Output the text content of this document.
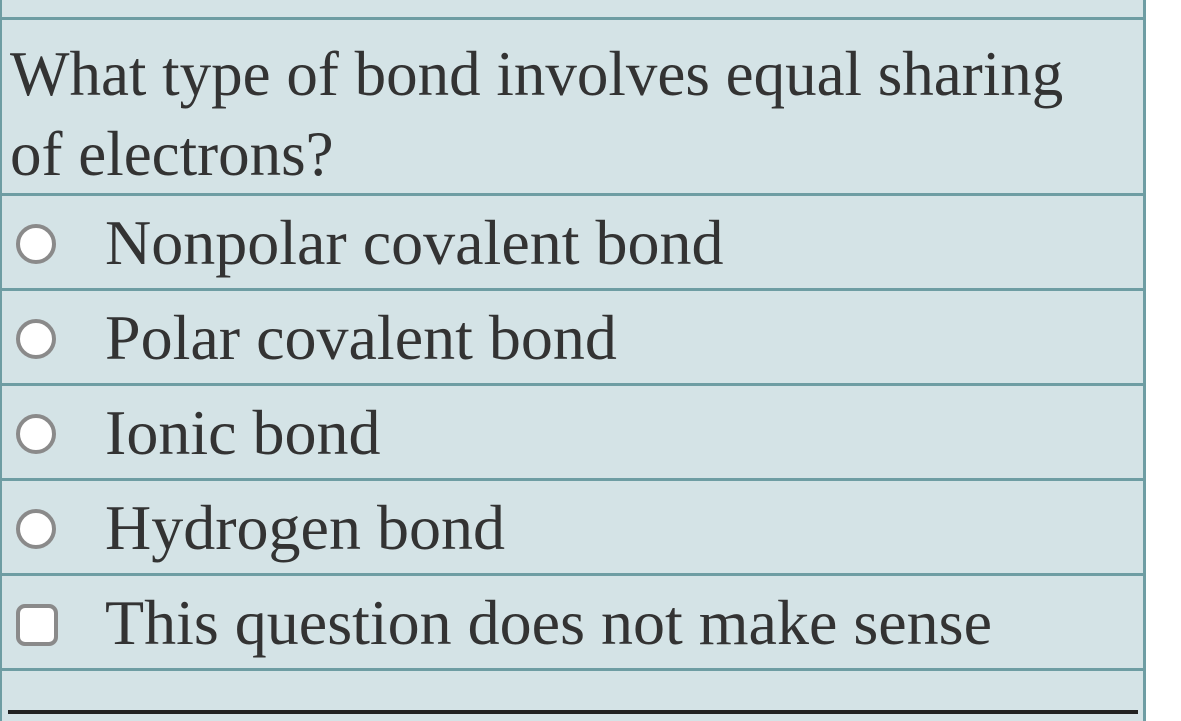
What type of bond involves equal sharing of electrons?

Nonpolar covalent bond
Polar covalent bond
Ionic bond
Hydrogen bond
This question does not make sense
